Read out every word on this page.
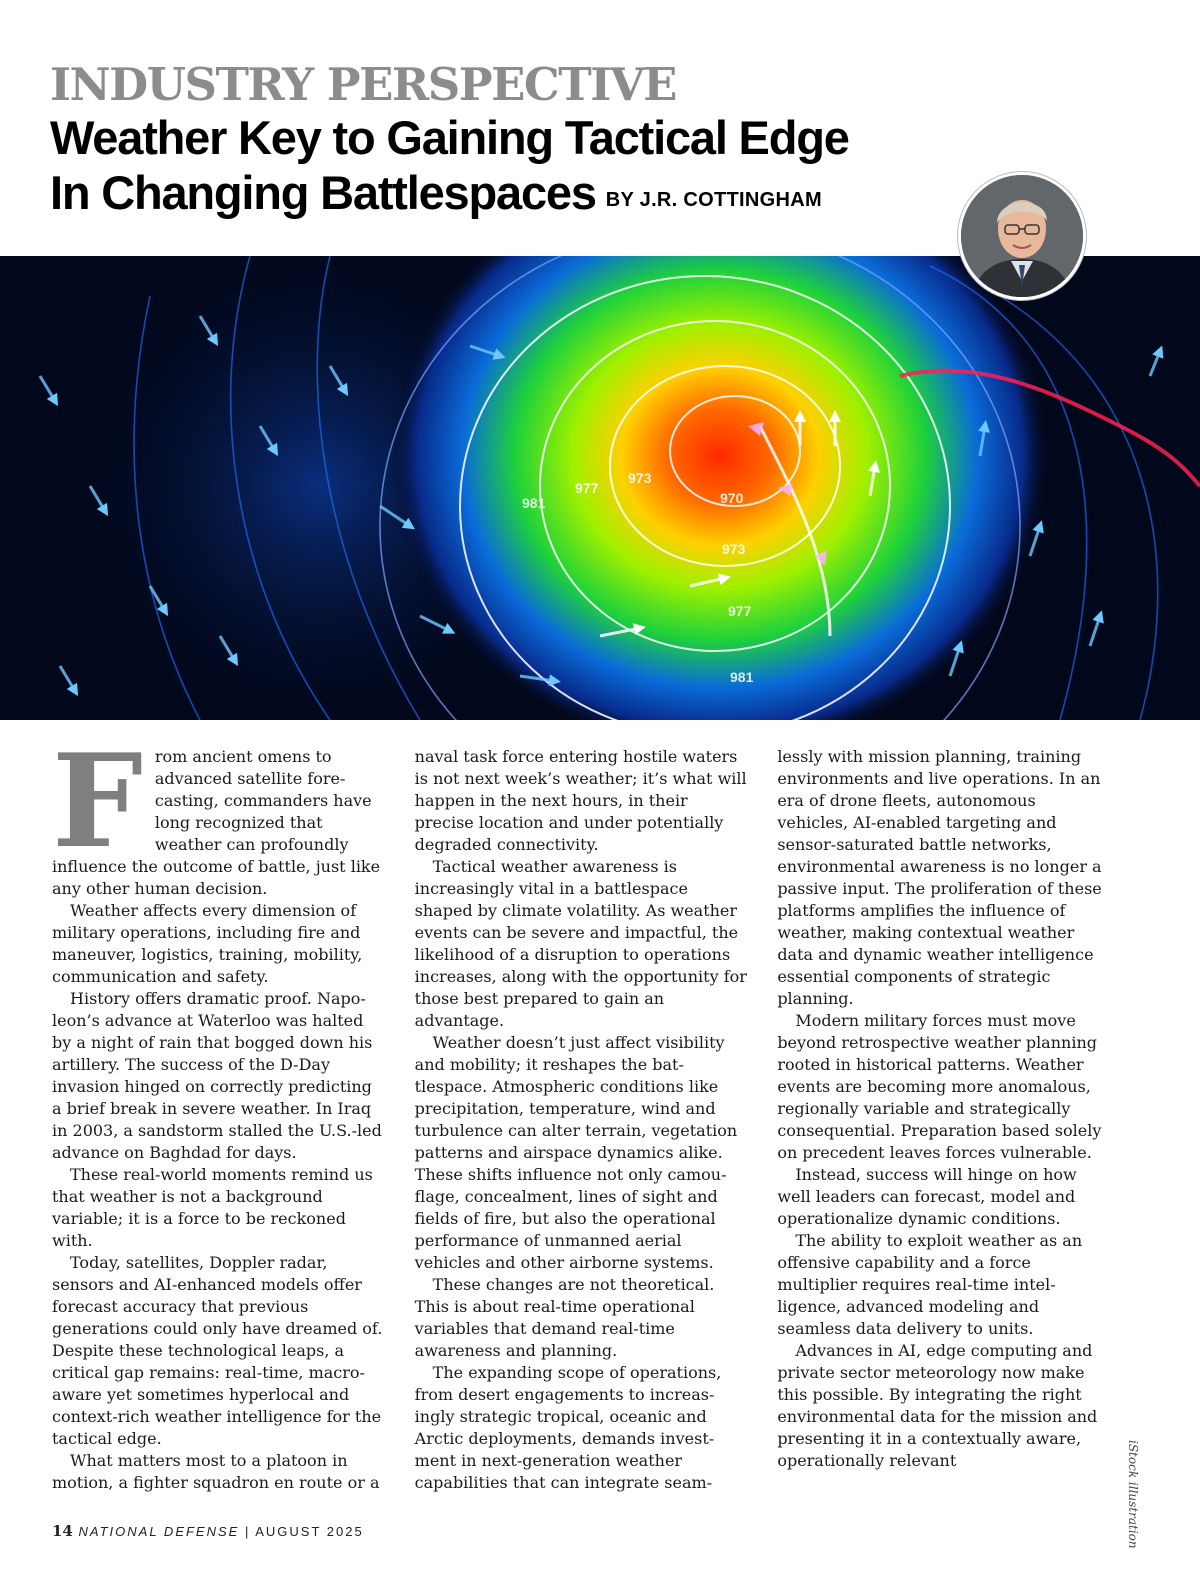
INDUSTRY PERSPECTIVE
Weather Key to Gaining Tactical Edge
In Changing Battlespaces BY J.R. COTTINGHAM
970
973
973
977
977
981
981

From ancient omens to advanced satellite forecasting, commanders have long recognized that weather can profoundly influence the outcome of battle, just like any other human decision.

Weather affects every dimension of military operations, including fire and maneuver, logistics, training, mobility, communication and safety.

History offers dramatic proof. Napoleon’s advance at Waterloo was halted by a night of rain that bogged down his artillery. The success of the D-Day invasion hinged on correctly predicting a brief break in severe weather. In Iraq in 2003, a sandstorm stalled the U.S.-led advance on Baghdad for days.

These real-world moments remind us that weather is not a background variable; it is a force to be reckoned with.

Today, satellites, Doppler radar, sensors and AI-enhanced models offer forecast accuracy that previous generations could only have dreamed of. Despite these technological leaps, a critical gap remains: real-time, macro-aware yet sometimes hyperlocal and context-rich weather intelligence for the tactical edge.

What matters most to a platoon in motion, a fighter squadron en route or a naval task force entering hostile waters is not next week’s weather; it’s what will happen in the next hours, in their precise location and under potentially degraded connectivity.

Tactical weather awareness is increasingly vital in a battlespace shaped by climate volatility. As weather events can be severe and impactful, the likelihood of a disruption to operations increases, along with the opportunity for those best prepared to gain an advantage.

Weather doesn’t just affect visibility and mobility; it reshapes the battlespace. Atmospheric conditions like precipitation, temperature, wind and turbulence can alter terrain, vegetation patterns and airspace dynamics alike. These shifts influence not only camouflage, concealment, lines of sight and fields of fire, but also the operational performance of unmanned aerial vehicles and other airborne systems.

These changes are not theoretical. This is about real-time operational variables that demand real-time awareness and planning.

The expanding scope of operations, from desert engagements to increasingly strategic tropical, oceanic and Arctic deployments, demands investment in next-generation weather capabilities that can integrate seamlessly with mission planning, training environments and live operations. In an era of drone fleets, autonomous vehicles, AI-enabled targeting and sensor-saturated battle networks, environmental awareness is no longer a passive input. The proliferation of these platforms amplifies the influence of weather, making contextual weather data and dynamic weather intelligence essential components of strategic planning.

Modern military forces must move beyond retrospective weather planning rooted in historical patterns. Weather events are becoming more anomalous, regionally variable and strategically consequential. Preparation based solely on precedent leaves forces vulnerable.

Instead, success will hinge on how well leaders can forecast, model and operationalize dynamic conditions.

The ability to exploit weather as an offensive capability and a force multiplier requires real-time intelligence, advanced modeling and seamless data delivery to units.

Advances in AI, edge computing and private sector meteorology now make this possible. By integrating the right environmental data for the mission and presenting it in a contextually aware, operationally relevant	iStock illustration
14 NATIONAL DEFENSE | AUGUST 2025
